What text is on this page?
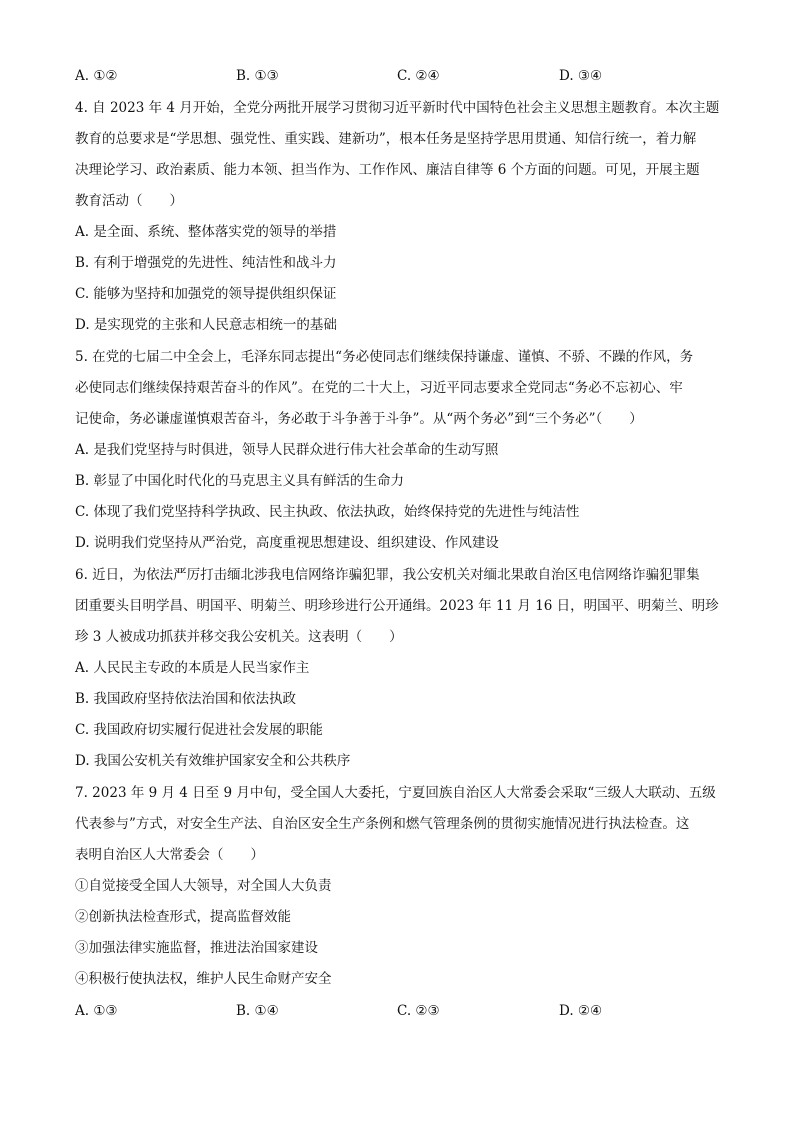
A. ①②	B. ①③	C. ②④	D. ③④
4. 自 2023 年 4 月开始，全党分两批开展学习贯彻习近平新时代中国特色社会主义思想主题教育。本次主题
教育的总要求是“学思想、强党性、重实践、建新功”，根本任务是坚持学思用贯通、知信行统一，着力解
决理论学习、政治素质、能力本领、担当作为、工作作风、廉洁自律等 6 个方面的问题。可见，开展主题
教育活动（　　）
A. 是全面、系统、整体落实党的领导的举措
B. 有利于增强党的先进性、纯洁性和战斗力
C. 能够为坚持和加强党的领导提供组织保证
D. 是实现党的主张和人民意志相统一的基础
5. 在党的七届二中全会上，毛泽东同志提出“务必使同志们继续保持谦虚、谨慎、不骄、不躁的作风，务
必使同志们继续保持艰苦奋斗的作风”。在党的二十大上，习近平同志要求全党同志“务必不忘初心、牢
记使命，务必谦虚谨慎艰苦奋斗，务必敢于斗争善于斗争”。从“两个务必”到“三个务必”（　　）
A. 是我们党坚持与时俱进，领导人民群众进行伟大社会革命的生动写照
B. 彰显了中国化时代化的马克思主义具有鲜活的生命力
C. 体现了我们党坚持科学执政、民主执政、依法执政，始终保持党的先进性与纯洁性
D. 说明我们党坚持从严治党，高度重视思想建设、组织建设、作风建设
6. 近日，为依法严厉打击缅北涉我电信网络诈骗犯罪，我公安机关对缅北果敢自治区电信网络诈骗犯罪集
团重要头目明学昌、明国平、明菊兰、明珍珍进行公开通缉。2023 年 11 月 16 日，明国平、明菊兰、明珍
珍 3 人被成功抓获并移交我公安机关。这表明（　　）
A. 人民民主专政的本质是人民当家作主
B. 我国政府坚持依法治国和依法执政
C. 我国政府切实履行促进社会发展的职能
D. 我国公安机关有效维护国家安全和公共秩序
7. 2023 年 9 月 4 日至 9 月中旬，受全国人大委托，宁夏回族自治区人大常委会采取“三级人大联动、五级
代表参与”方式，对安全生产法、自治区安全生产条例和燃气管理条例的贯彻实施情况进行执法检查。这
表明自治区人大常委会（　　）
①自觉接受全国人大领导，对全国人大负责
②创新执法检查形式，提高监督效能
③加强法律实施监督，推进法治国家建设
④积极行使执法权，维护人民生命财产安全
A. ①③	B. ①④	C. ②③	D. ②④
